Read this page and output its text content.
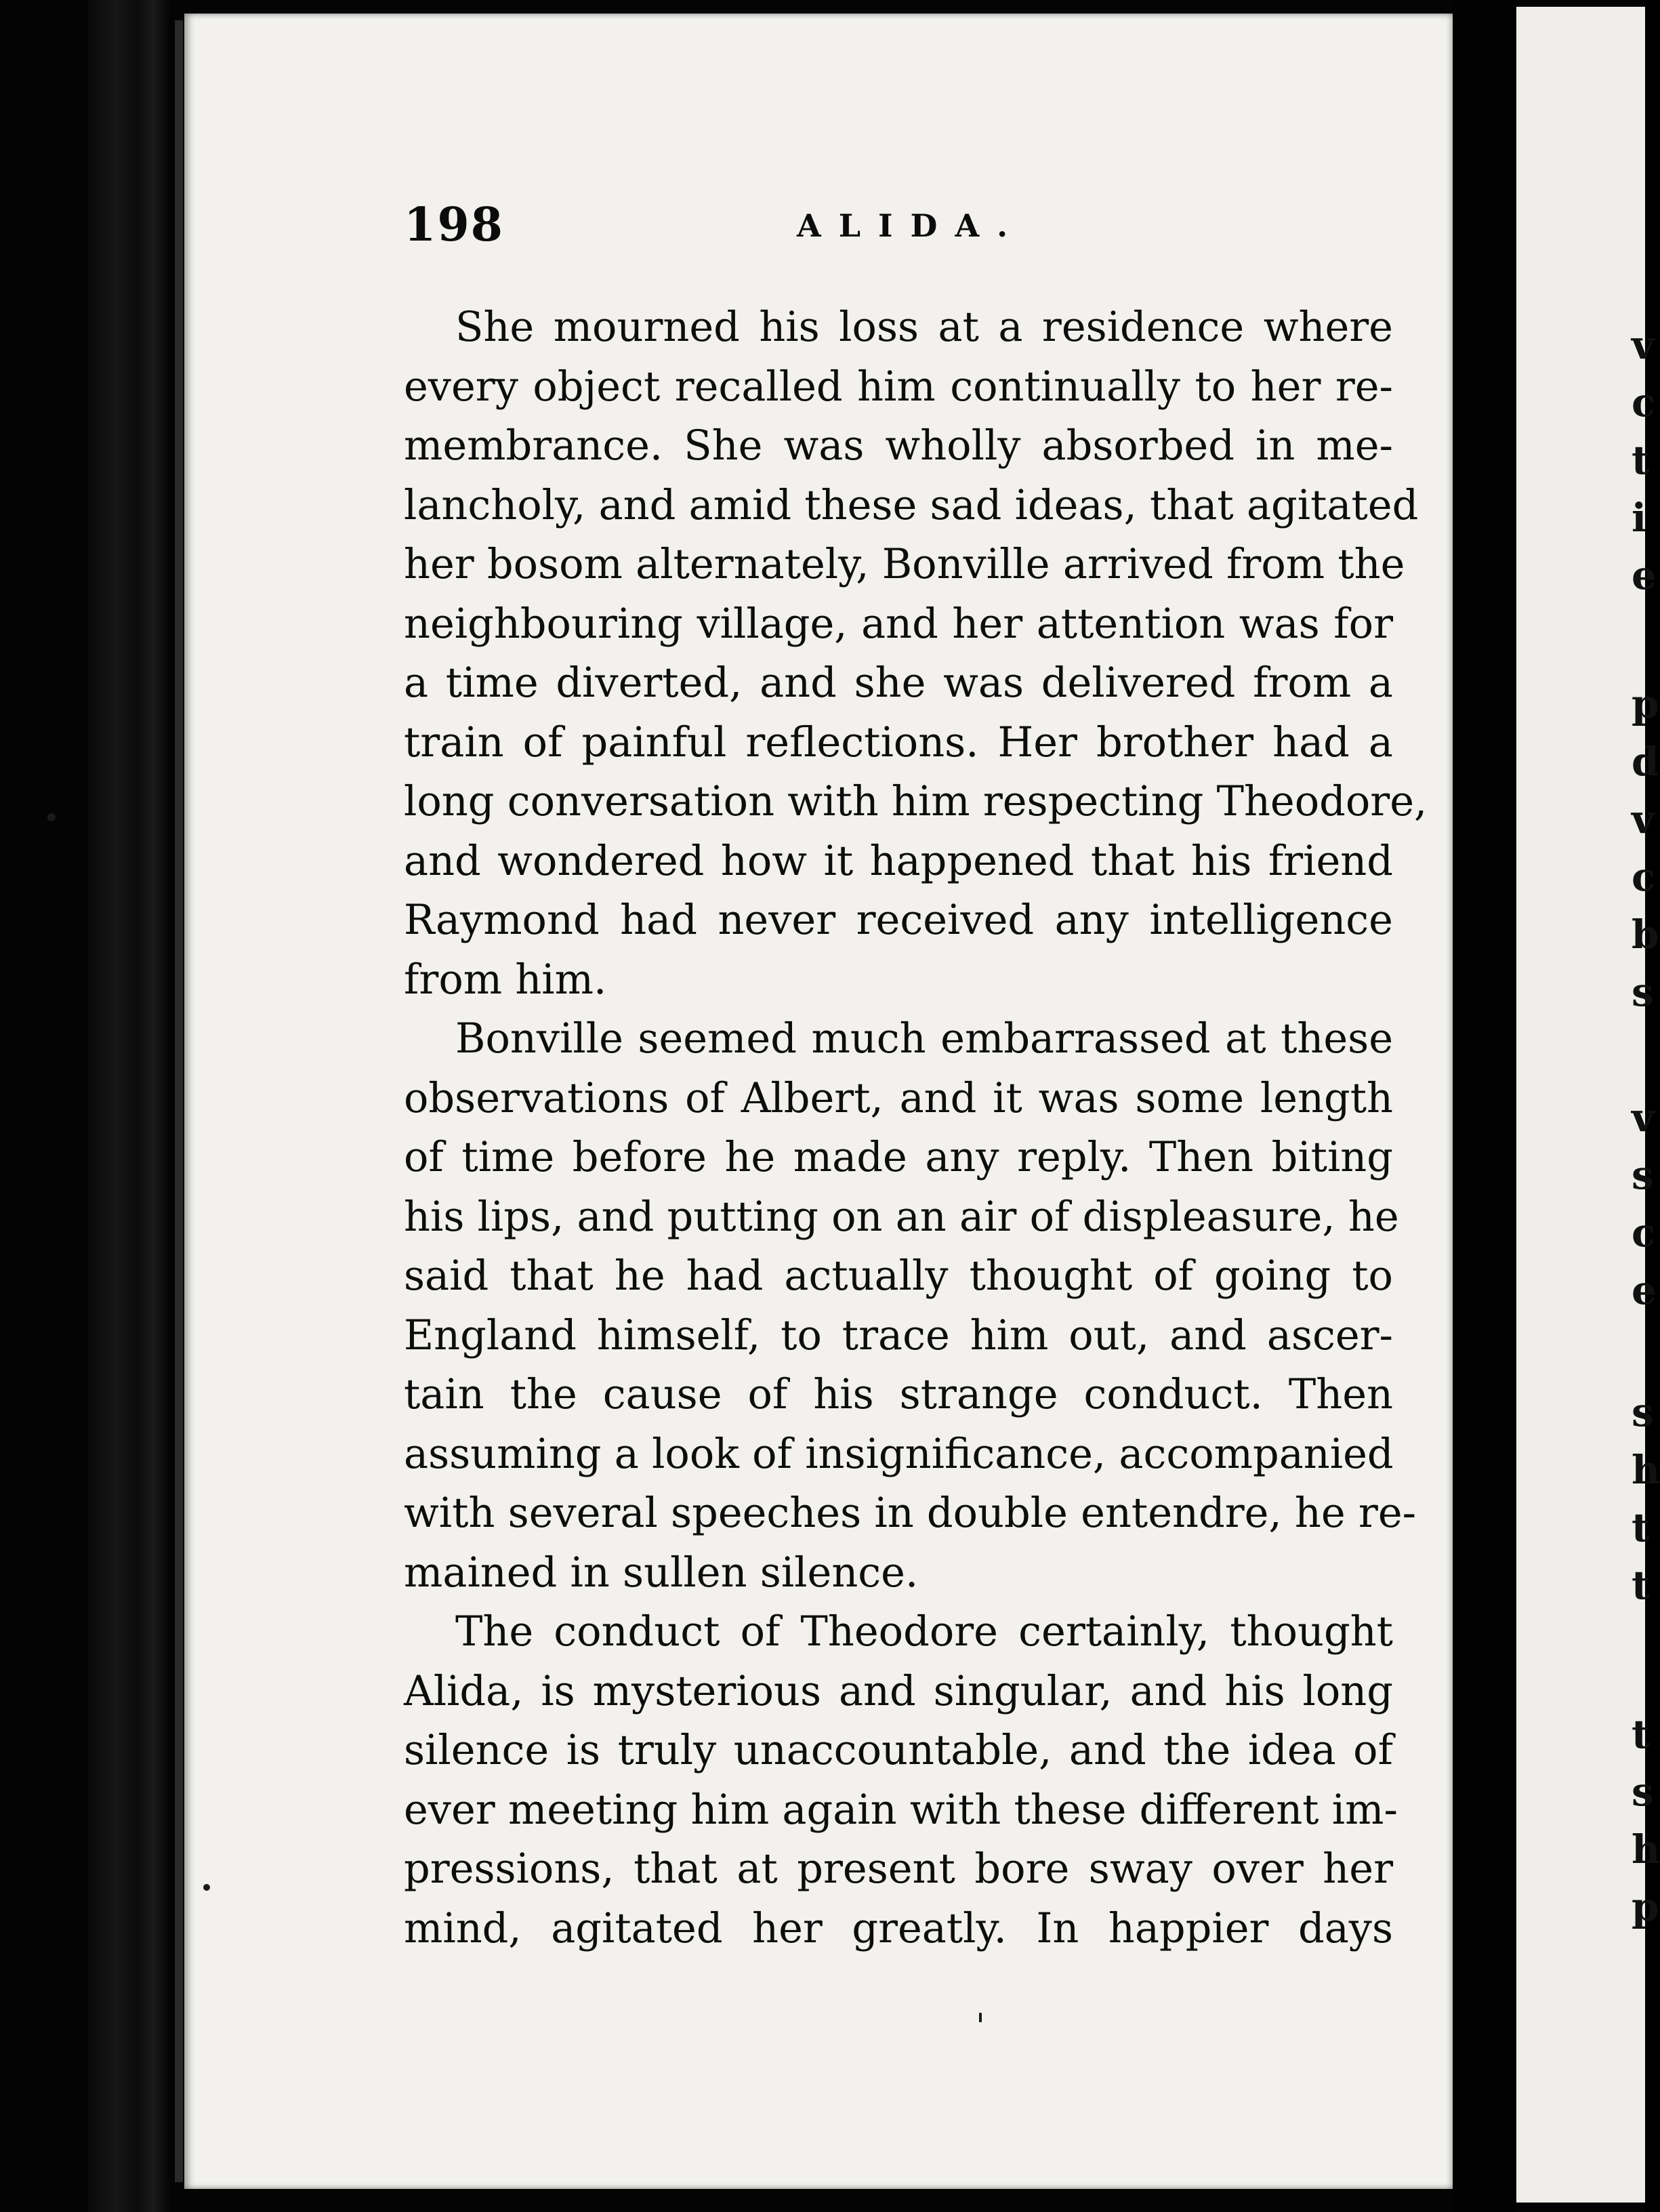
198	ALIDA.

She mourned his loss at a residence where
every object recalled him continually to her re-
membrance. She was wholly absorbed in me-
lancholy, and amid these sad ideas, that agitated
her bosom alternately, Bonville arrived from the
neighbouring village, and her attention was for
a time diverted, and she was delivered from a
train of painful reflections. Her brother had a
long conversation with him respecting Theodore,
and wondered how it happened that his friend
Raymond had never received any intelligence
from him.

Bonville seemed much embarrassed at these
observations of Albert, and it was some length
of time before he made any reply. Then biting
his lips, and putting on an air of displeasure, he
said that he had actually thought of going to
England himself, to trace him out, and ascer-
tain the cause of his strange conduct. Then
assuming a look of insignificance, accompanied
with several speeches in double entendre, he re-
mained in sullen silence.

The conduct of Theodore certainly, thought
Alida, is mysterious and singular, and his long
silence is truly unaccountable, and the idea of
ever meeting him again with these different im-
pressions, that at present bore sway over her
mind, agitated her greatly. In happier days

v
c
t
i
e
p
d
v
c
b
s
v
s
c
e
s
h
t
t
t
s
h
p
